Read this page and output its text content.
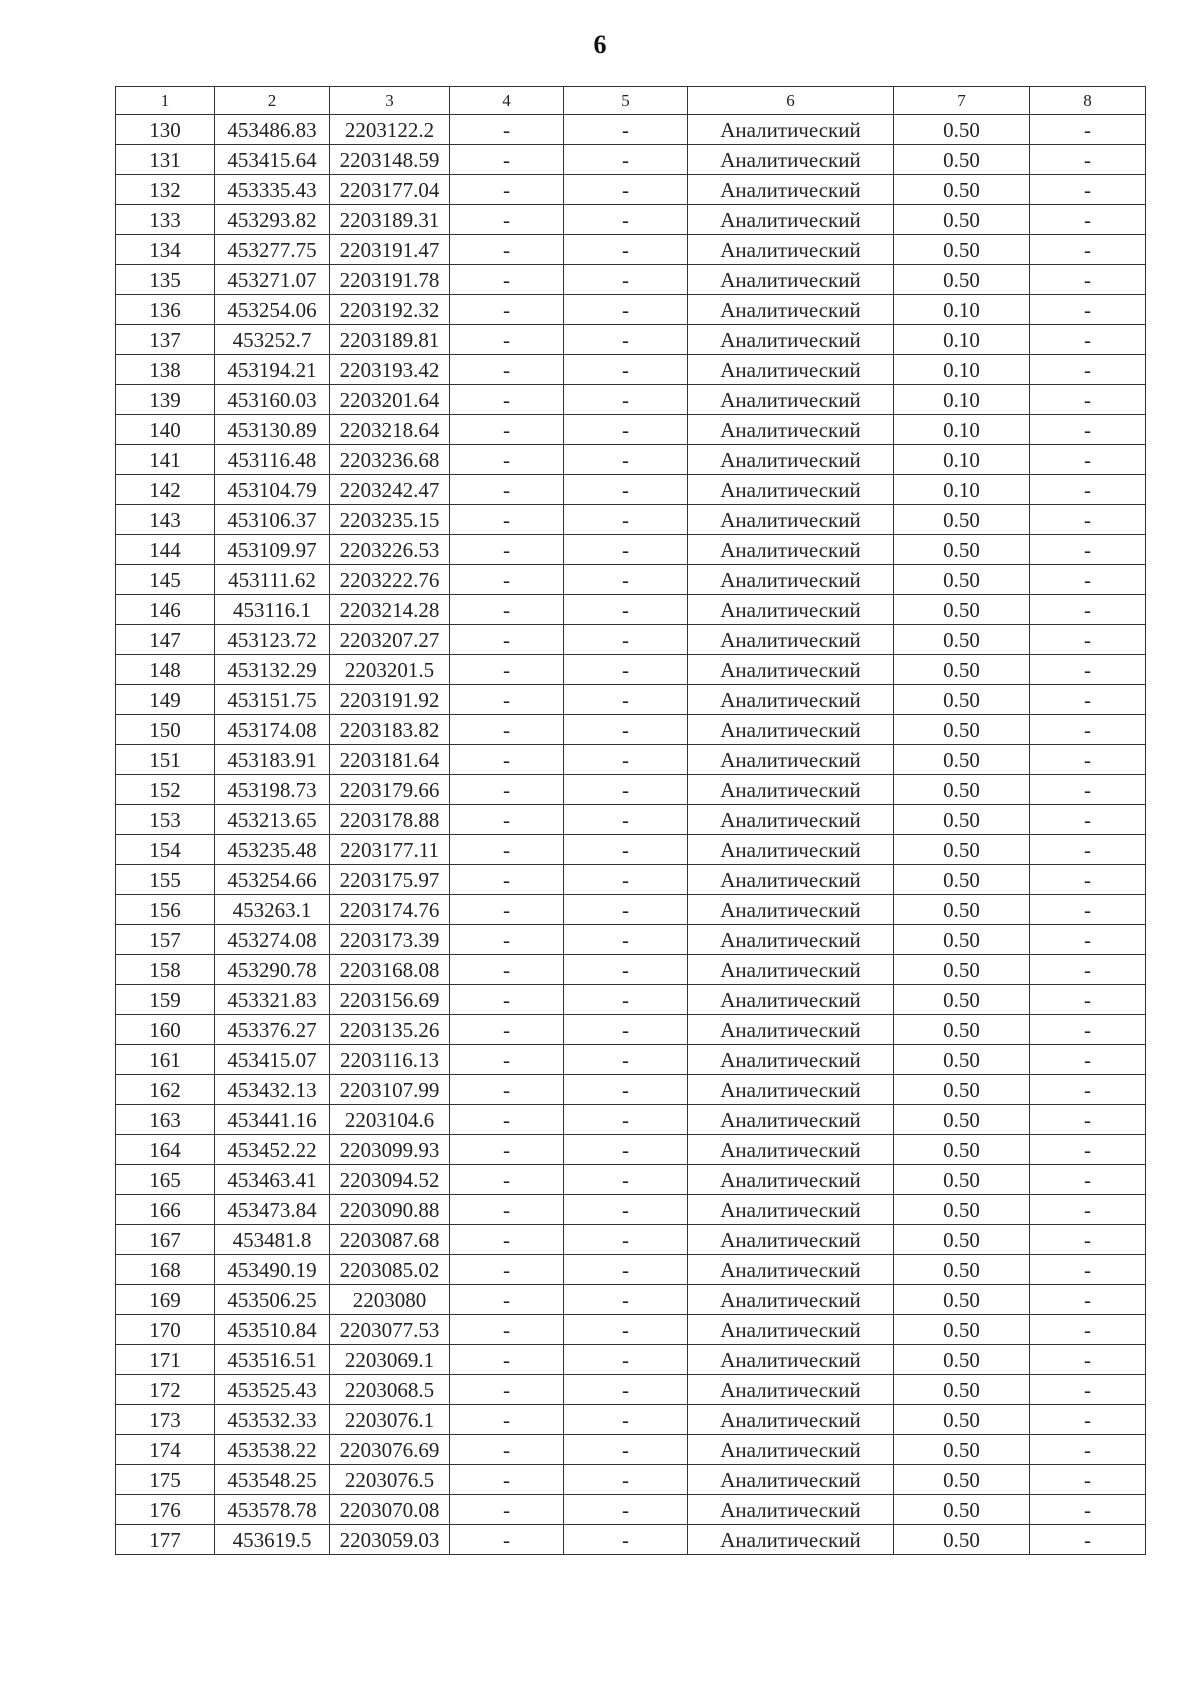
6
1	2	3	4	5	6	7	8
130	453486.83	2203122.2	-	-	Аналитический	0.50	-
131	453415.64	2203148.59	-	-	Аналитический	0.50	-
132	453335.43	2203177.04	-	-	Аналитический	0.50	-
133	453293.82	2203189.31	-	-	Аналитический	0.50	-
134	453277.75	2203191.47	-	-	Аналитический	0.50	-
135	453271.07	2203191.78	-	-	Аналитический	0.50	-
136	453254.06	2203192.32	-	-	Аналитический	0.10	-
137	453252.7	2203189.81	-	-	Аналитический	0.10	-
138	453194.21	2203193.42	-	-	Аналитический	0.10	-
139	453160.03	2203201.64	-	-	Аналитический	0.10	-
140	453130.89	2203218.64	-	-	Аналитический	0.10	-
141	453116.48	2203236.68	-	-	Аналитический	0.10	-
142	453104.79	2203242.47	-	-	Аналитический	0.10	-
143	453106.37	2203235.15	-	-	Аналитический	0.50	-
144	453109.97	2203226.53	-	-	Аналитический	0.50	-
145	453111.62	2203222.76	-	-	Аналитический	0.50	-
146	453116.1	2203214.28	-	-	Аналитический	0.50	-
147	453123.72	2203207.27	-	-	Аналитический	0.50	-
148	453132.29	2203201.5	-	-	Аналитический	0.50	-
149	453151.75	2203191.92	-	-	Аналитический	0.50	-
150	453174.08	2203183.82	-	-	Аналитический	0.50	-
151	453183.91	2203181.64	-	-	Аналитический	0.50	-
152	453198.73	2203179.66	-	-	Аналитический	0.50	-
153	453213.65	2203178.88	-	-	Аналитический	0.50	-
154	453235.48	2203177.11	-	-	Аналитический	0.50	-
155	453254.66	2203175.97	-	-	Аналитический	0.50	-
156	453263.1	2203174.76	-	-	Аналитический	0.50	-
157	453274.08	2203173.39	-	-	Аналитический	0.50	-
158	453290.78	2203168.08	-	-	Аналитический	0.50	-
159	453321.83	2203156.69	-	-	Аналитический	0.50	-
160	453376.27	2203135.26	-	-	Аналитический	0.50	-
161	453415.07	2203116.13	-	-	Аналитический	0.50	-
162	453432.13	2203107.99	-	-	Аналитический	0.50	-
163	453441.16	2203104.6	-	-	Аналитический	0.50	-
164	453452.22	2203099.93	-	-	Аналитический	0.50	-
165	453463.41	2203094.52	-	-	Аналитический	0.50	-
166	453473.84	2203090.88	-	-	Аналитический	0.50	-
167	453481.8	2203087.68	-	-	Аналитический	0.50	-
168	453490.19	2203085.02	-	-	Аналитический	0.50	-
169	453506.25	2203080	-	-	Аналитический	0.50	-
170	453510.84	2203077.53	-	-	Аналитический	0.50	-
171	453516.51	2203069.1	-	-	Аналитический	0.50	-
172	453525.43	2203068.5	-	-	Аналитический	0.50	-
173	453532.33	2203076.1	-	-	Аналитический	0.50	-
174	453538.22	2203076.69	-	-	Аналитический	0.50	-
175	453548.25	2203076.5	-	-	Аналитический	0.50	-
176	453578.78	2203070.08	-	-	Аналитический	0.50	-
177	453619.5	2203059.03	-	-	Аналитический	0.50	-
